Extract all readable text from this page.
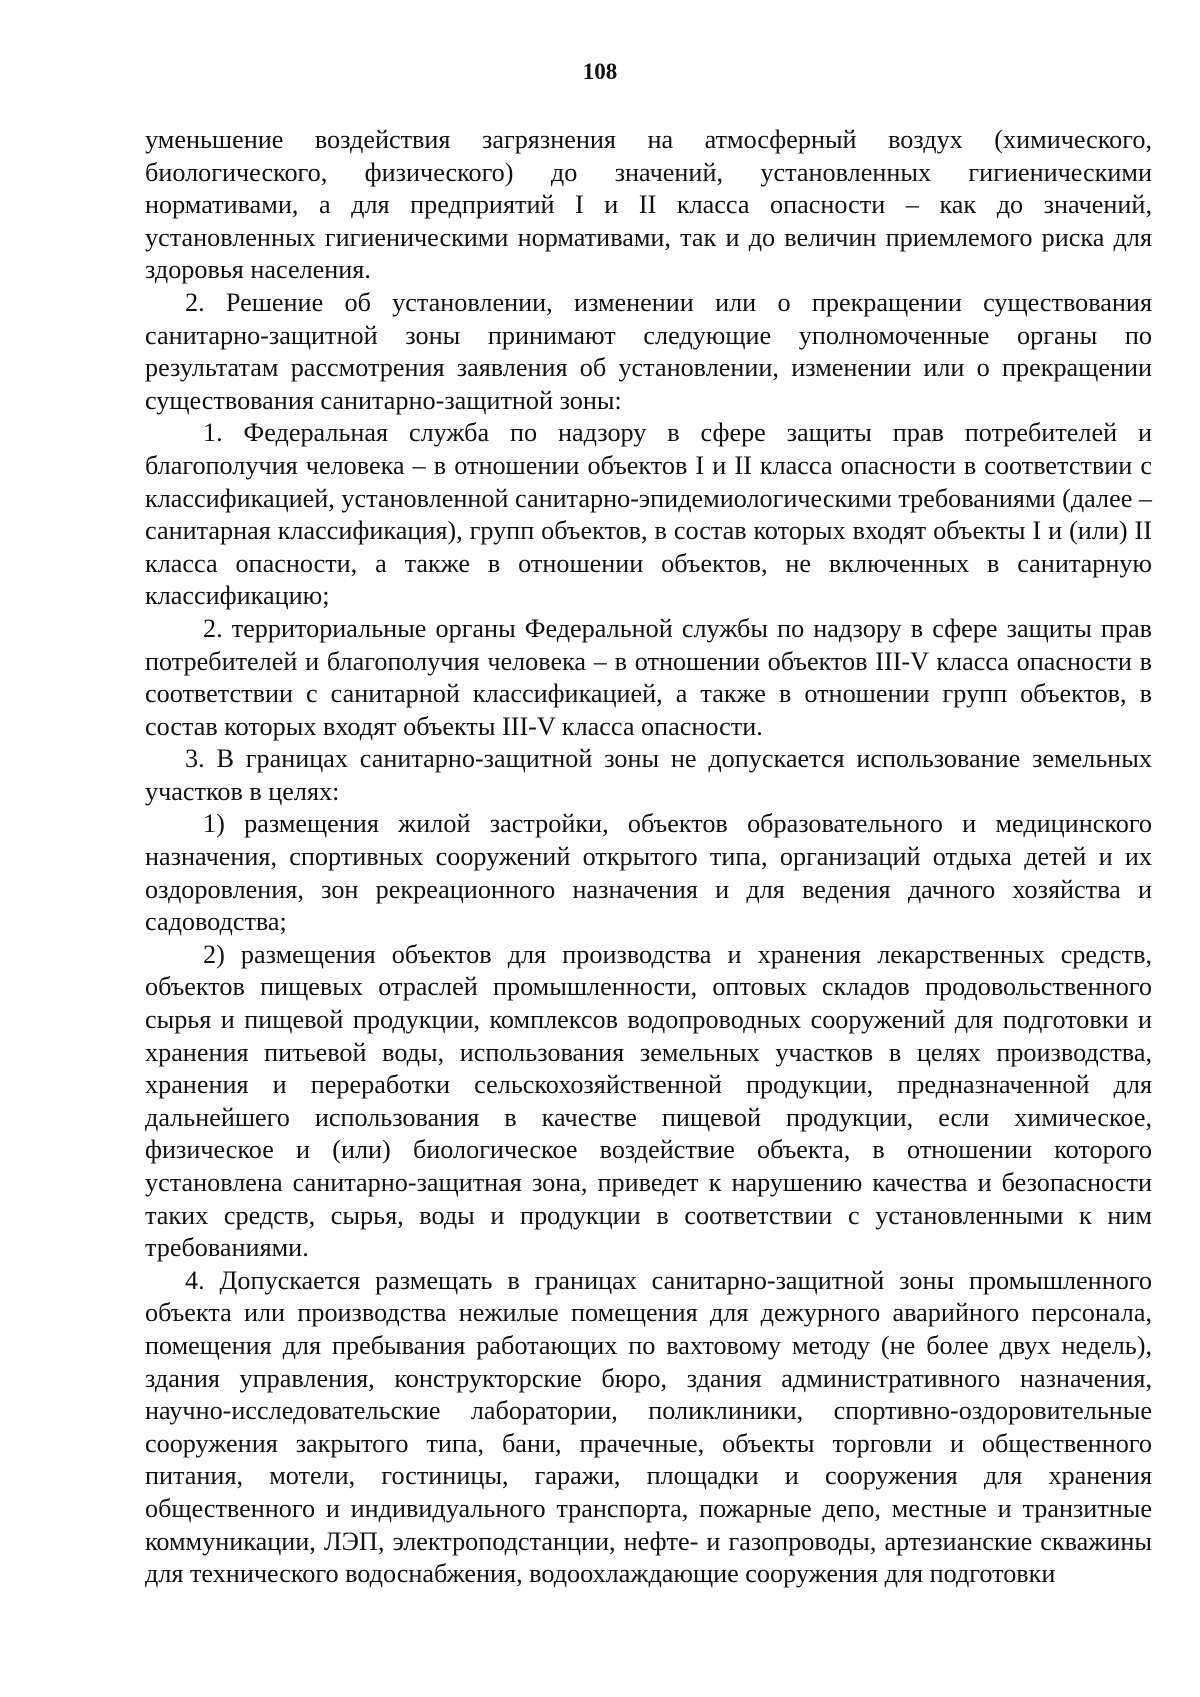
108

уменьшение воздействия загрязнения на атмосферный воздух (химического, биологического, физического) до значений, установленных гигиеническими нормативами, а для предприятий I и II класса опасности – как до значений, установленных гигиеническими нормативами, так и до величин приемлемого риска для здоровья населения.

2. Решение об установлении, изменении или о прекращении существования санитарно-защитной зоны принимают следующие уполномоченные органы по результатам рассмотрения заявления об установлении, изменении или о прекращении существования санитарно-защитной зоны:

1. Федеральная служба по надзору в сфере защиты прав потребителей и благополучия человека – в отношении объектов I и II класса опасности в соответствии с классификацией, установленной санитарно-эпидемиологическими требованиями (далее – санитарная классификация), групп объектов, в состав которых входят объекты I и (или) II класса опасности, а также в отношении объектов, не включенных в санитарную классификацию;

2. территориальные органы Федеральной службы по надзору в сфере защиты прав потребителей и благополучия человека – в отношении объектов III-V класса опасности в соответствии с санитарной классификацией, а также в отношении групп объектов, в состав которых входят объекты III-V класса опасности.

3. В границах санитарно-защитной зоны не допускается использование земельных участков в целях:

1) размещения жилой застройки, объектов образовательного и медицинского назначения, спортивных сооружений открытого типа, организаций отдыха детей и их оздоровления, зон рекреационного назначения и для ведения дачного хозяйства и садоводства;

2) размещения объектов для производства и хранения лекарственных средств, объектов пищевых отраслей промышленности, оптовых складов продовольственного сырья и пищевой продукции, комплексов водопроводных сооружений для подготовки и хранения питьевой воды, использования земельных участков в целях производства, хранения и переработки сельскохозяйственной продукции, предназначенной для дальнейшего использования в качестве пищевой продукции, если химическое, физическое и (или) биологическое воздействие объекта, в отношении которого установлена санитарно-защитная зона, приведет к нарушению качества и безопасности таких средств, сырья, воды и продукции в соответствии с установленными к ним требованиями.

4. Допускается размещать в границах санитарно-защитной зоны промышленного объекта или производства нежилые помещения для дежурного аварийного персонала, помещения для пребывания работающих по вахтовому методу (не более двух недель), здания управления, конструкторские бюро, здания административного назначения, научно-исследовательские лаборатории, поликлиники, спортивно-оздоровительные сооружения закрытого типа, бани, прачечные, объекты торговли и общественного питания, мотели, гостиницы, гаражи, площадки и сооружения для хранения общественного и индивидуального транспорта, пожарные депо, местные и транзитные коммуникации, ЛЭП, электроподстанции, нефте- и газопроводы, артезианские скважины для технического водоснабжения, водоохлаждающие сооружения для подготовки
